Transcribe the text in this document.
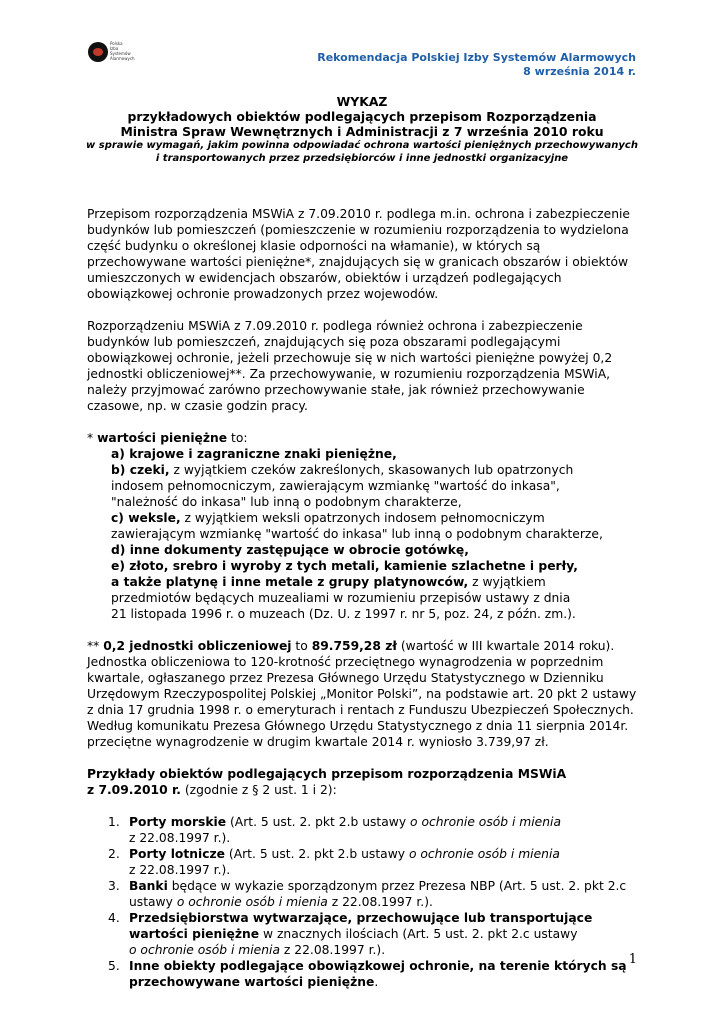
Polska
Izba
Systemów
Alarmowych	Rekomendacja Polskiej Izby Systemów Alarmowych
8 września 2014 r.
WYKAZ
przykładowych obiektów podlegających przepisom Rozporządzenia
Ministra Spraw Wewnętrznych i Administracji z 7 września 2010 roku
w sprawie wymagań, jakim powinna odpowiadać ochrona wartości pieniężnych przechowywanych
i transportowanych przez przedsiębiorców i inne jednostki organizacyjne

Przepisom rozporządzenia MSWiA z 7.09.2010 r. podlega m.in. ochrona i zabezpieczenie
budynków lub pomieszczeń (pomieszczenie w rozumieniu rozporządzenia to wydzielona
część budynku o określonej klasie odporności na włamanie), w których są
przechowywane wartości pieniężne*, znajdujących się w granicach obszarów i obiektów
umieszczonych w ewidencjach obszarów, obiektów i urządzeń podlegających
obowiązkowej ochronie prowadzonych przez wojewodów.

Rozporządzeniu MSWiA z 7.09.2010 r. podlega również ochrona i zabezpieczenie
budynków lub pomieszczeń, znajdujących się poza obszarami podlegającymi
obowiązkowej ochronie, jeżeli przechowuje się w nich wartości pieniężne powyżej 0,2
jednostki obliczeniowej**. Za przechowywanie, w rozumieniu rozporządzenia MSWiA,
należy przyjmować zarówno przechowywanie stałe, jak również przechowywanie
czasowe, np. w czasie godzin pracy.

* wartości pieniężne to:

a) krajowe i zagraniczne znaki pieniężne,
b) czeki, z wyjątkiem czeków zakreślonych, skasowanych lub opatrzonych
indosem pełnomocniczym, zawierającym wzmiankę "wartość do inkasa",
"należność do inkasa" lub inną o podobnym charakterze,
c) weksle, z wyjątkiem weksli opatrzonych indosem pełnomocniczym
zawierającym wzmiankę "wartość do inkasa" lub inną o podobnym charakterze,
d) inne dokumenty zastępujące w obrocie gotówkę,
e) złoto, srebro i wyroby z tych metali, kamienie szlachetne i perły,
a także platynę i inne metale z grupy platynowców, z wyjątkiem
przedmiotów będących muzealiami w rozumieniu przepisów ustawy z dnia
21 listopada 1996 r. o muzeach (Dz. U. z 1997 r. nr 5, poz. 24, z późn. zm.).

** 0,2 jednostki obliczeniowej to 89.759,28 zł (wartość w III kwartale 2014 roku).
Jednostka obliczeniowa to 120-krotność przeciętnego wynagrodzenia w poprzednim
kwartale, ogłaszanego przez Prezesa Głównego Urzędu Statystycznego w Dzienniku
Urzędowym Rzeczypospolitej Polskiej „Monitor Polski”, na podstawie art. 20 pkt 2 ustawy
z dnia 17 grudnia 1998 r. o emeryturach i rentach z Funduszu Ubezpieczeń Społecznych.
Według komunikatu Prezesa Głównego Urzędu Statystycznego z dnia 11 sierpnia 2014r.
przeciętne wynagrodzenie w drugim kwartale 2014 r. wyniosło 3.739,97 zł.

Przykłady obiektów podlegających przepisom rozporządzenia MSWiA
z 7.09.2010 r. (zgodnie z § 2 ust. 1 i 2):

1. Porty morskie (Art. 5 ust. 2. pkt 2.b ustawy o ochronie osób i mienia
z 22.08.1997 r.).
2. Porty lotnicze (Art. 5 ust. 2. pkt 2.b ustawy o ochronie osób i mienia
z 22.08.1997 r.).
3. Banki będące w wykazie sporządzonym przez Prezesa NBP (Art. 5 ust. 2. pkt 2.c
ustawy o ochronie osób i mienia z 22.08.1997 r.).
4. Przedsiębiorstwa wytwarzające, przechowujące lub transportujące
wartości pieniężne w znacznych ilościach (Art. 5 ust. 2. pkt 2.c ustawy
o ochronie osób i mienia z 22.08.1997 r.).
5. Inne obiekty podlegające obowiązkowej ochronie, na terenie których są
przechowywane wartości pieniężne.
1
